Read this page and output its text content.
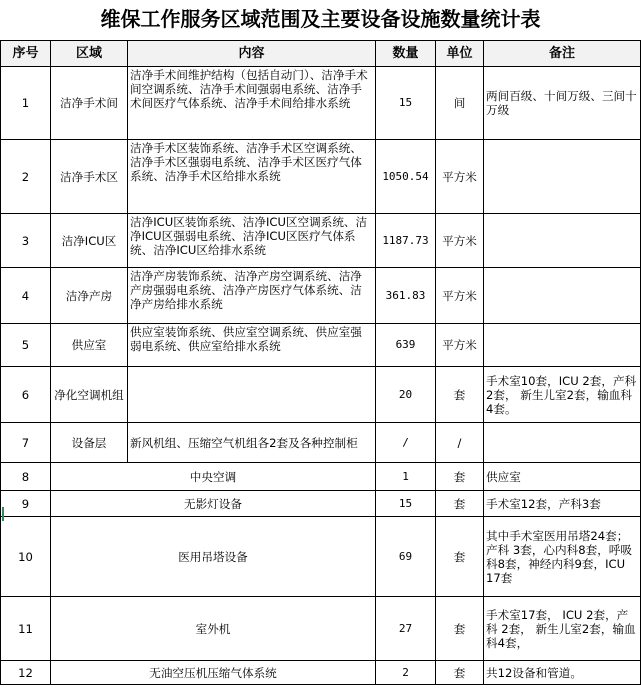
维保工作服务区域范围及主要设备设施数量统计表
序号	区域	内容	数量	单位	备注
1	洁净手术间	洁净手术间维护结构（包括自动门）、洁净手术间空调系统、洁净手术间强弱电系统、洁净手术间医疗气体系统、洁净手术间给排水系统	15	间	两间百级、十间万级、三间十万级
2	洁净手术区	洁净手术区装饰系统、洁净手术区空调系统、洁净手术区强弱电系统、洁净手术区医疗气体系统、洁净手术区给排水系统	1050.54	平方米	
3	洁净ICU区	洁净ICU区装饰系统、洁净ICU区空调系统、洁净ICU区强弱电系统、洁净ICU区医疗气体系统、洁净ICU区给排水系统	1187.73	平方米	
4	洁净产房	洁净产房装饰系统、洁净产房空调系统、洁净产房强弱电系统、洁净产房医疗气体系统、洁净产房给排水系统	361.83	平方米	
5	供应室	供应室装饰系统、供应室空调系统、供应室强弱电系统、供应室给排水系统	639	平方米	
6	净化空调机组		20	套	手术室10套，ICU 2套，产科 2套， 新生儿室2套，输血科4套。
7	设备层	新风机组、压缩空气机组各2套及各种控制柜	/	/	
8	中央空调		1	套	供应室
9	无影灯设备		15	套	手术室12套，产科3套
10	医用吊塔设备		69	套	其中手术室医用吊塔24套； 产科 3套，心内科8套，呼吸科8套，神经内科9套，ICU 17套
11	室外机		27	套	手术室17套， ICU 2套，产科 2套， 新生儿室2套，输血科4套，
12	无油空压机压缩气体系统		2	套	共12设备和管道。
